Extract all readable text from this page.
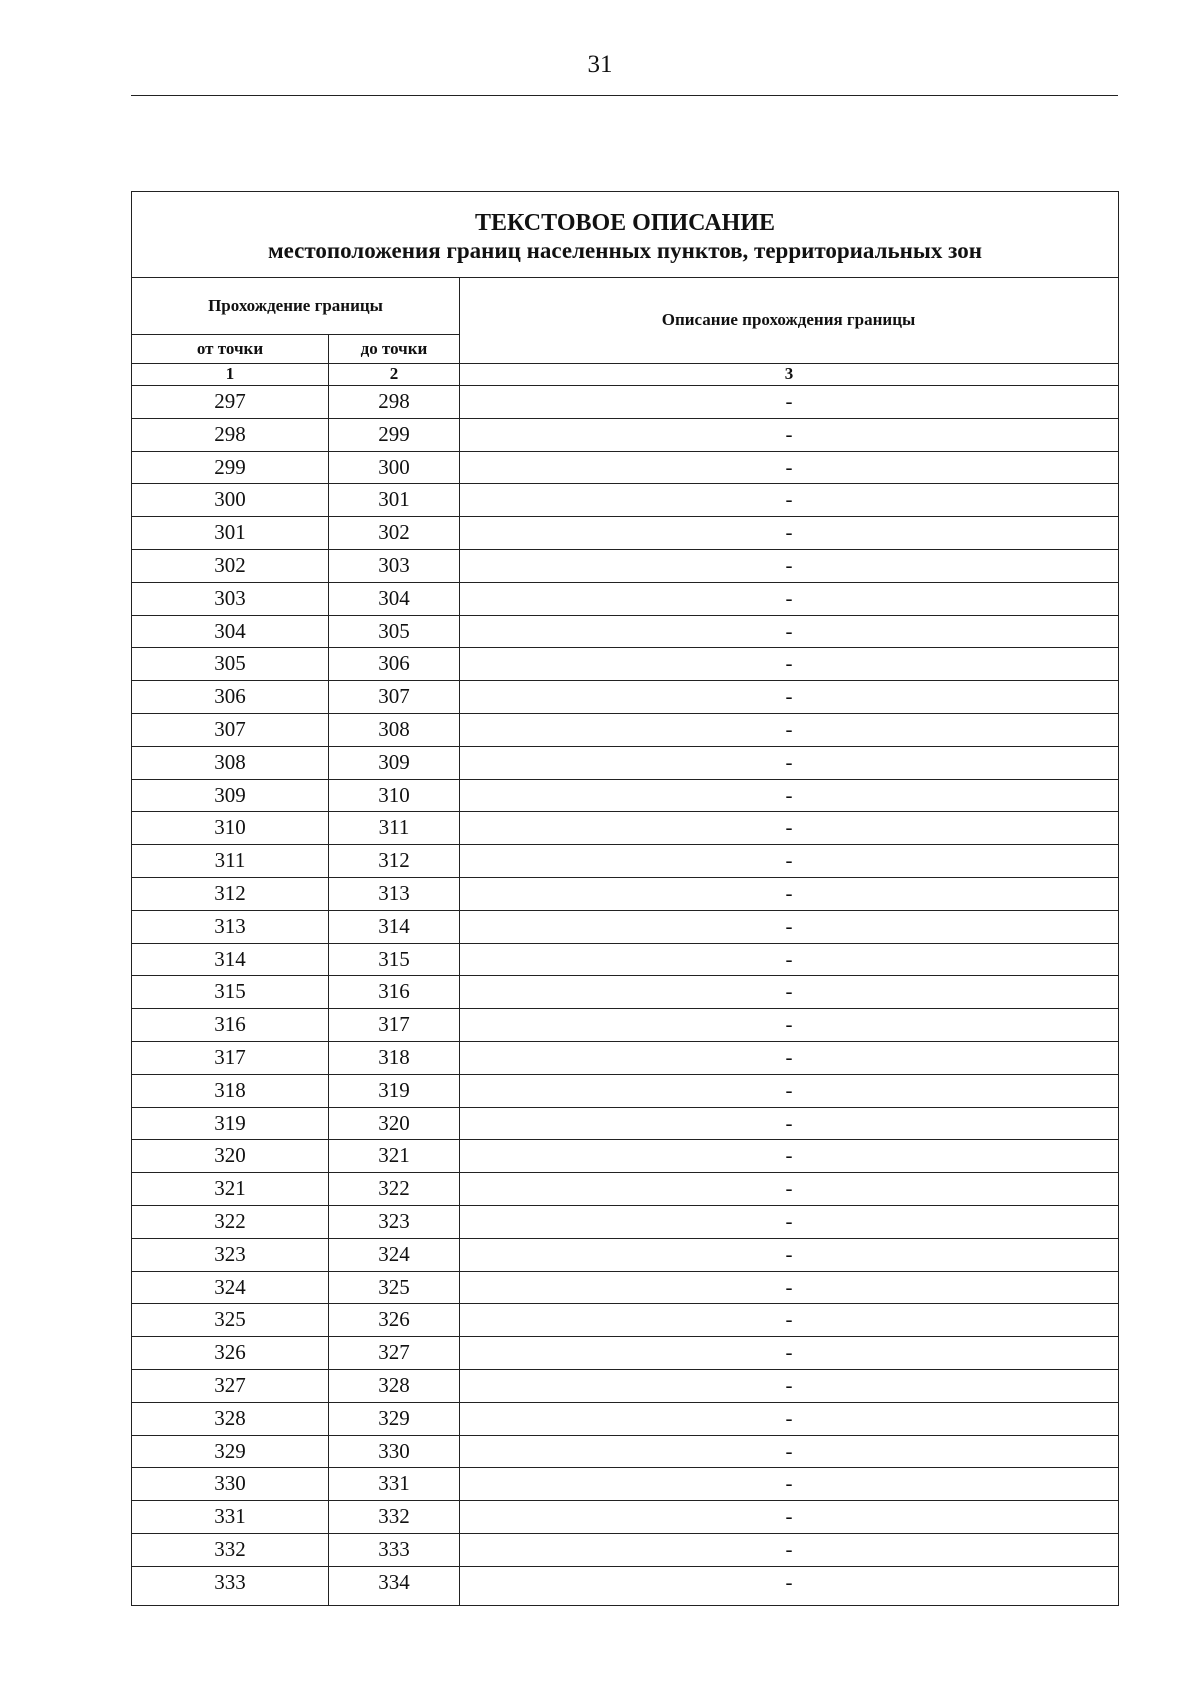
31
ТЕКСТОВОЕ ОПИСАНИЕ
местоположения границ населенных пунктов, территориальных зон
Прохождение границы
от точки	до точки
Описание прохождения границы
1	2	3
297	298	-
298	299	-
299	300	-
300	301	-
301	302	-
302	303	-
303	304	-
304	305	-
305	306	-
306	307	-
307	308	-
308	309	-
309	310	-
310	311	-
311	312	-
312	313	-
313	314	-
314	315	-
315	316	-
316	317	-
317	318	-
318	319	-
319	320	-
320	321	-
321	322	-
322	323	-
323	324	-
324	325	-
325	326	-
326	327	-
327	328	-
328	329	-
329	330	-
330	331	-
331	332	-
332	333	-
333	334	-
